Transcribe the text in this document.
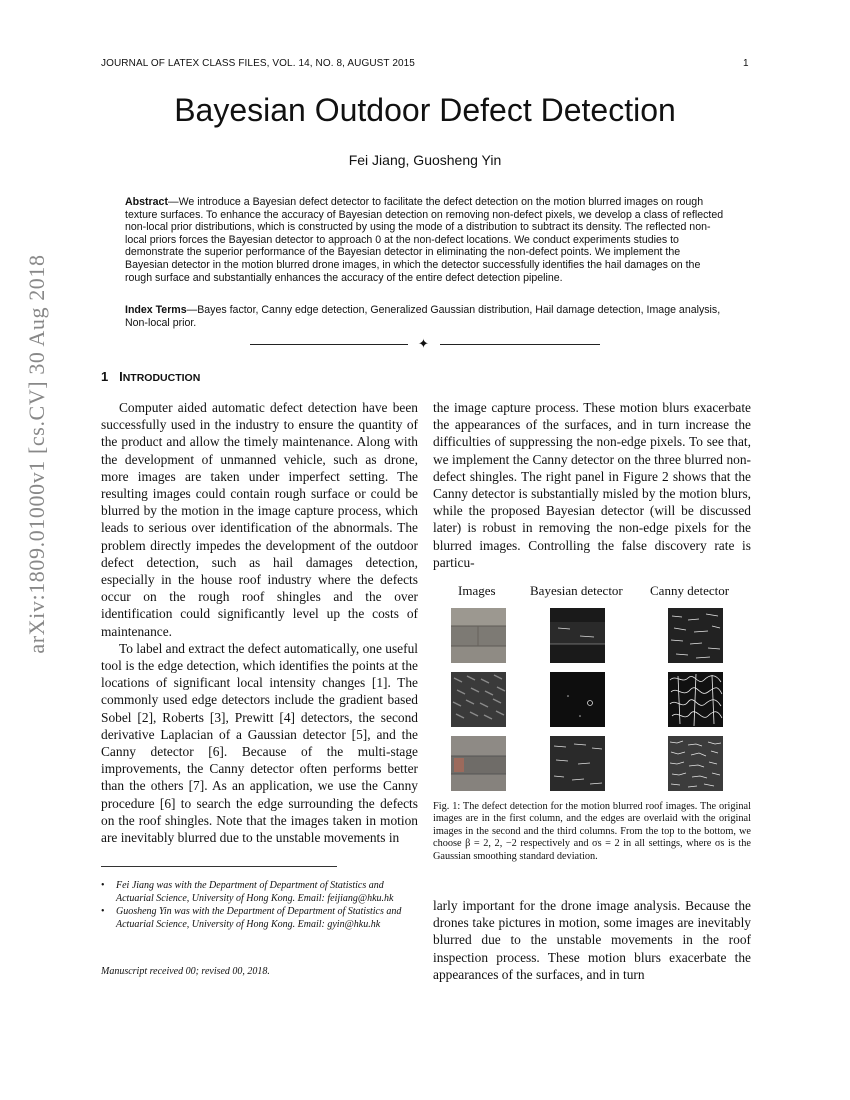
JOURNAL OF LATEX CLASS FILES, VOL. 14, NO. 8, AUGUST 2015	1
arXiv:1809.01000v1 [cs.CV] 30 Aug 2018
Bayesian Outdoor Defect Detection
Fei Jiang, Guosheng Yin
Abstract—We introduce a Bayesian defect detector to facilitate the defect detection on the motion blurred images on rough texture surfaces. To enhance the accuracy of Bayesian detection on removing non-defect pixels, we develop a class of reflected non-local prior distributions, which is constructed by using the mode of a distribution to subtract its density. The reflected non-local priors forces the Bayesian detector to approach 0 at the non-defect locations. We conduct experiments studies to demonstrate the superior performance of the Bayesian detector in eliminating the non-defect points. We implement the Bayesian detector in the motion blurred drone images, in which the detector successfully identifies the hail damages on the rough surface and substantially enhances the accuracy of the entire defect detection pipeline.
Index Terms—Bayes factor, Canny edge detection, Generalized Gaussian distribution, Hail damage detection, Image analysis, Non-local prior.
✦
1 INTRODUCTION

Computer aided automatic defect detection have been successfully used in the industry to ensure the quantity of the product and allow the timely maintenance. Along with the development of unmanned vehicle, such as drone, more images are taken under imperfect setting. The resulting images could contain rough surface or could be blurred by the motion in the image capture process, which leads to serious over identification of the abnormals. The problem directly impedes the development of the outdoor defect detection, such as hail damages detection, especially in the house roof industry where the defects occur on the rough roof shingles and the over identification could significantly level up the costs of maintenance.

To label and extract the defect automatically, one useful tool is the edge detection, which identifies the points at the locations of significant local intensity changes [1]. The commonly used edge detectors include the gradient based Sobel [2], Roberts [3], Prewitt [4] detectors, the second derivative Laplacian of a Gaussian detector [5], and the Canny detector [6]. Because of the multi-stage improvements, the Canny detector often performs better than the others [7]. As an application, we use the Canny procedure [6] to search the edge surrounding the defects on the roof shingles. Note that the images taken in motion are inevitably blurred due to the unstable movements in

the image capture process. These motion blurs exacerbate the appearances of the surfaces, and in turn increase the difficulties of suppressing the non-edge pixels. To see that, we implement the Canny detector on the three blurred non-defect shingles. The right panel in Figure 2 shows that the Canny detector is substantially misled by the motion blurs, while the proposed Bayesian detector (will be discussed later) is robust in removing the non-edge pixels for the blurred images. Controlling the false discovery rate is particu-

Images	Bayesian detector Canny detector
Fig. 1: The defect detection for the motion blurred roof images. The original images are in the first column, and the edges are overlaid with the original images in the second and the third columns. From the top to the bottom, we choose β = 2, 2, −2 respectively and σs = 2 in all settings, where σs is the Gaussian smoothing standard deviation.

larly important for the drone image analysis. Because the drones take pictures in motion, some images are inevitably blurred due to the unstable movements in the roof inspection process. These motion blurs exacerbate the appearances of the surfaces, and in turn

• Fei Jiang was with the Department of Department of Statistics and Actuarial Science, University of Hong Kong. Email: feijiang@hku.hk
• Guosheng Yin was with the Department of Department of Statistics and Actuarial Science, University of Hong Kong. Email: gyin@hku.hk
Manuscript received 00; revised 00, 2018.
